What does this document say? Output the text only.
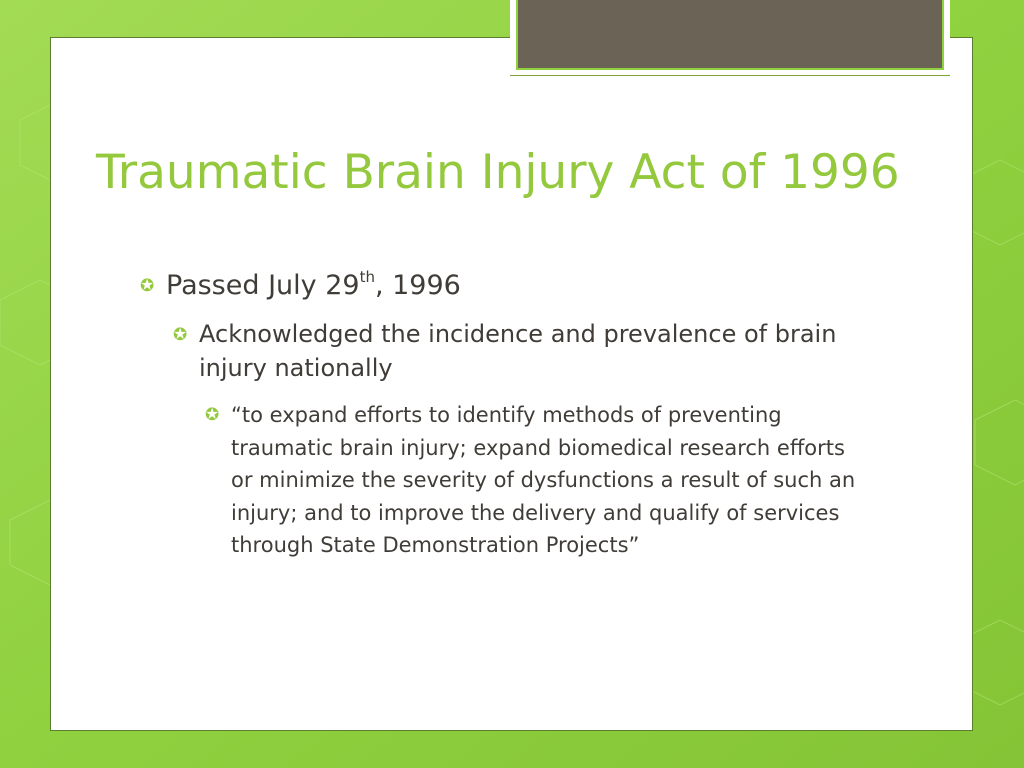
Traumatic Brain Injury Act of 1996
✪ Passed July 29th, 1996
✪ Acknowledged the incidence and prevalence of brain injury nationally
✪ “to expand efforts to identify methods of preventing traumatic brain injury; expand biomedical research efforts or minimize the severity of dysfunctions a result of such an injury; and to improve the delivery and qualify of services through State Demonstration Projects”
